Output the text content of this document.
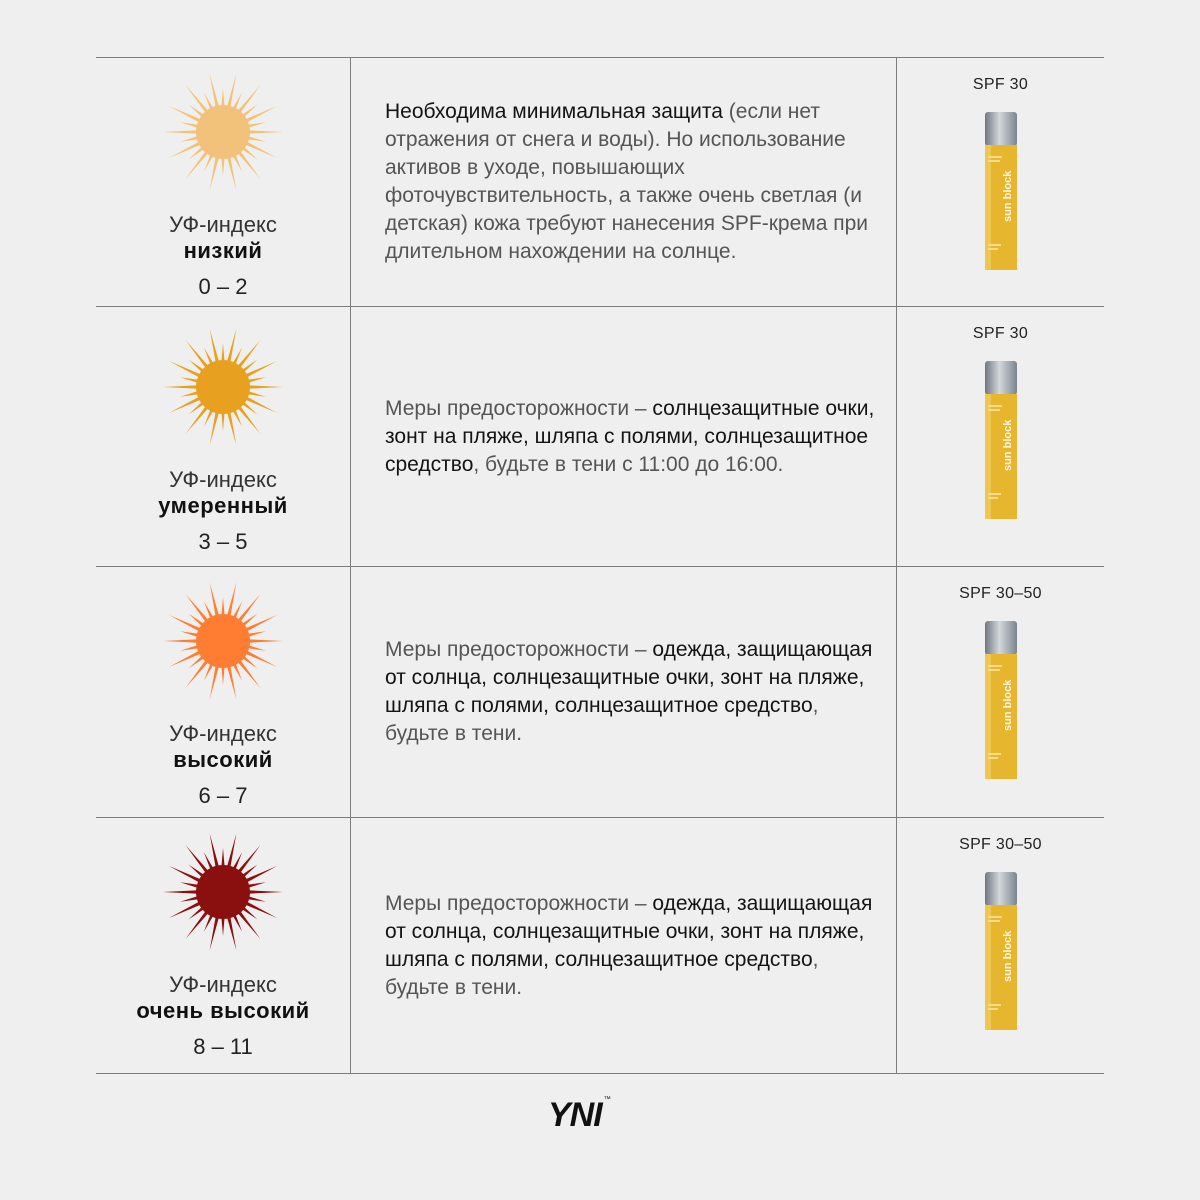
УФ-индекс
низкий
0 – 2

Необходима минимальная защита (если нет отражения от снега и воды). Но использование активов в уходе, повышающих фоточувствительность, а также очень светлая (и детская) кожа требуют нанесения SPF-крема при длительном нахождении на солнце.

SPF 30
sun block
УФ-индекс
умеренный
3 – 5

Меры предосторожности – солнцезащитные очки, зонт на пляже, шляпа с полями, солнцезащитное средство, будьте в тени с 11:00 до 16:00.

SPF 30
sun block
УФ-индекс
высокий
6 – 7

Меры предосторожности – одежда, защищающая от солнца, солнцезащитные очки, зонт на пляже, шляпа с полями, солнцезащитное средство, будьте в тени.

SPF 30–50
sun block
УФ-индекс
очень высокий
8 – 11

Меры предосторожности – одежда, защищающая от солнца, солнцезащитные очки, зонт на пляже, шляпа с полями, солнцезащитное средство, будьте в тени.

SPF 30–50
sun block
YNI ™
